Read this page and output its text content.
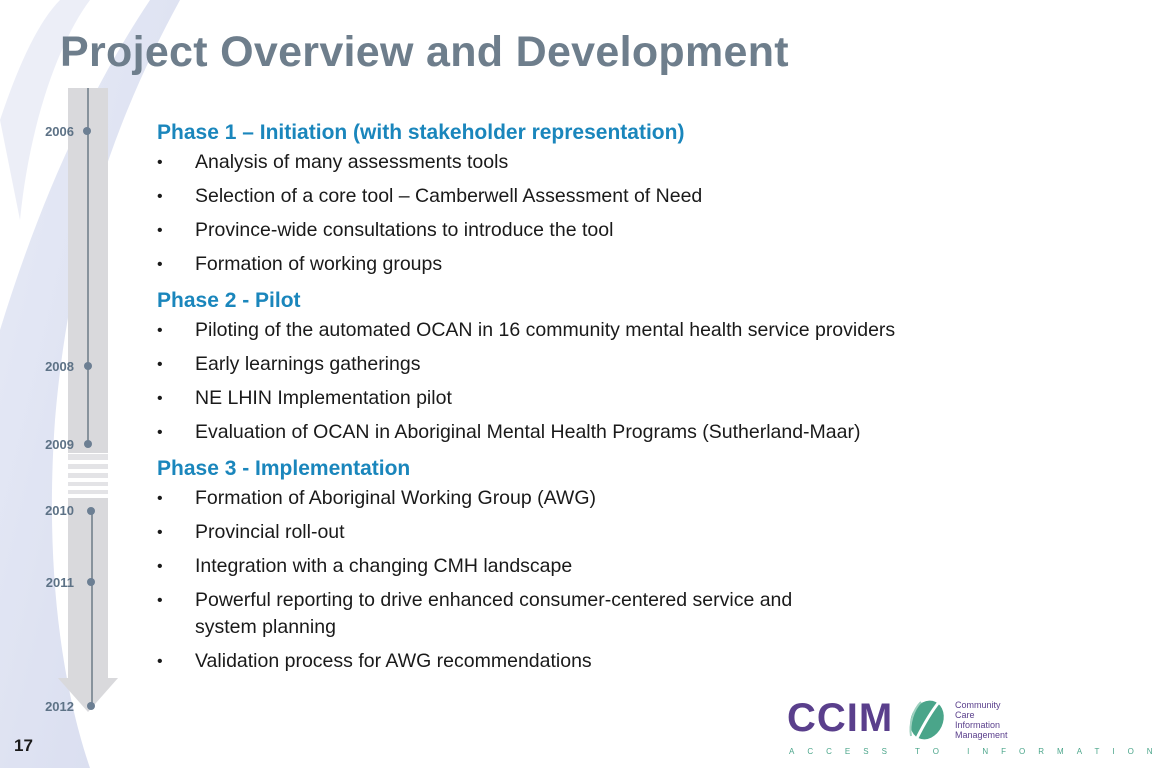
Project Overview and Development
2006
2008
2009
2010
2011
2012
Phase 1 – Initiation (with stakeholder representation)
• Analysis of many assessments tools
• Selection of a core tool – Camberwell Assessment of Need
• Province-wide consultations to introduce the tool
• Formation of working groups
Phase 2 - Pilot
• Piloting of the automated OCAN in 16 community mental health service providers
• Early learnings gatherings
• NE LHIN Implementation pilot
• Evaluation of OCAN in Aboriginal Mental Health Programs (Sutherland-Maar)
Phase 3 - Implementation
• Formation of Aboriginal Working Group (AWG)
• Provincial roll-out
• Integration with a changing CMH landscape
• Powerful reporting to drive enhanced consumer-centered service and system planning
• Validation process for AWG recommendations
17
CCIM	Community
Care
Information
Management
ACCESS TO INFORMATION
